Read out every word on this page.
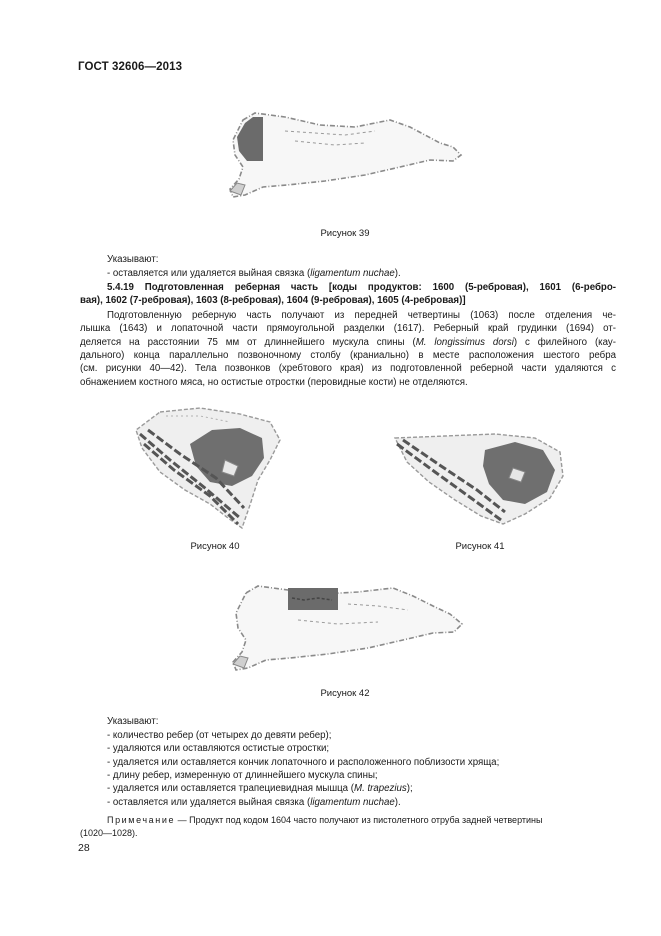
ГОСТ 32606—2013
Рисунок 39
Указывают:
- оставляется или удаляется выйная связка (ligamentum nuchae).
5.4.19 Подготовленная реберная часть [коды продуктов: 1600 (5-ребровая), 1601 (6-ребро-
вая), 1602 (7-ребровая), 1603 (8-ребровая), 1604 (9-ребровая), 1605 (4-ребровая)]
Подготовленную реберную часть получают из передней четвертины (1063) после отделения че-
лышка (1643) и лопаточной части прямоугольной разделки (1617). Реберный край грудинки (1694) от-
деляется на расстоянии 75 мм от длиннейшего мускула спины (M. longissimus dorsi) с филейного (кау-
дального) конца параллельно позвоночному столбу (краниально) в месте расположения шестого ребра
(см. рисунки 40—42). Тела позвонков (хребтового края) из подготовленной реберной части удаляются с
обнажением костного мяса, но остистые отростки (перовидные кости) не отделяются.
Рисунок 40	Рисунок 41
Рисунок 42
Указывают:
- количество ребер (от четырех до девяти ребер);
- удаляются или оставляются остистые отростки;
- удаляется или оставляется кончик лопаточного и расположенного поблизости хряща;
- длину ребер, измеренную от длиннейшего мускула спины;
- удаляется или оставляется трапециевидная мышца (M. trapezius);
- оставляется или удаляется выйная связка (ligamentum nuchae).
Примечание — Продукт под кодом 1604 часто получают из пистолетного отруба задней четвертины
(1020—1028).
28
